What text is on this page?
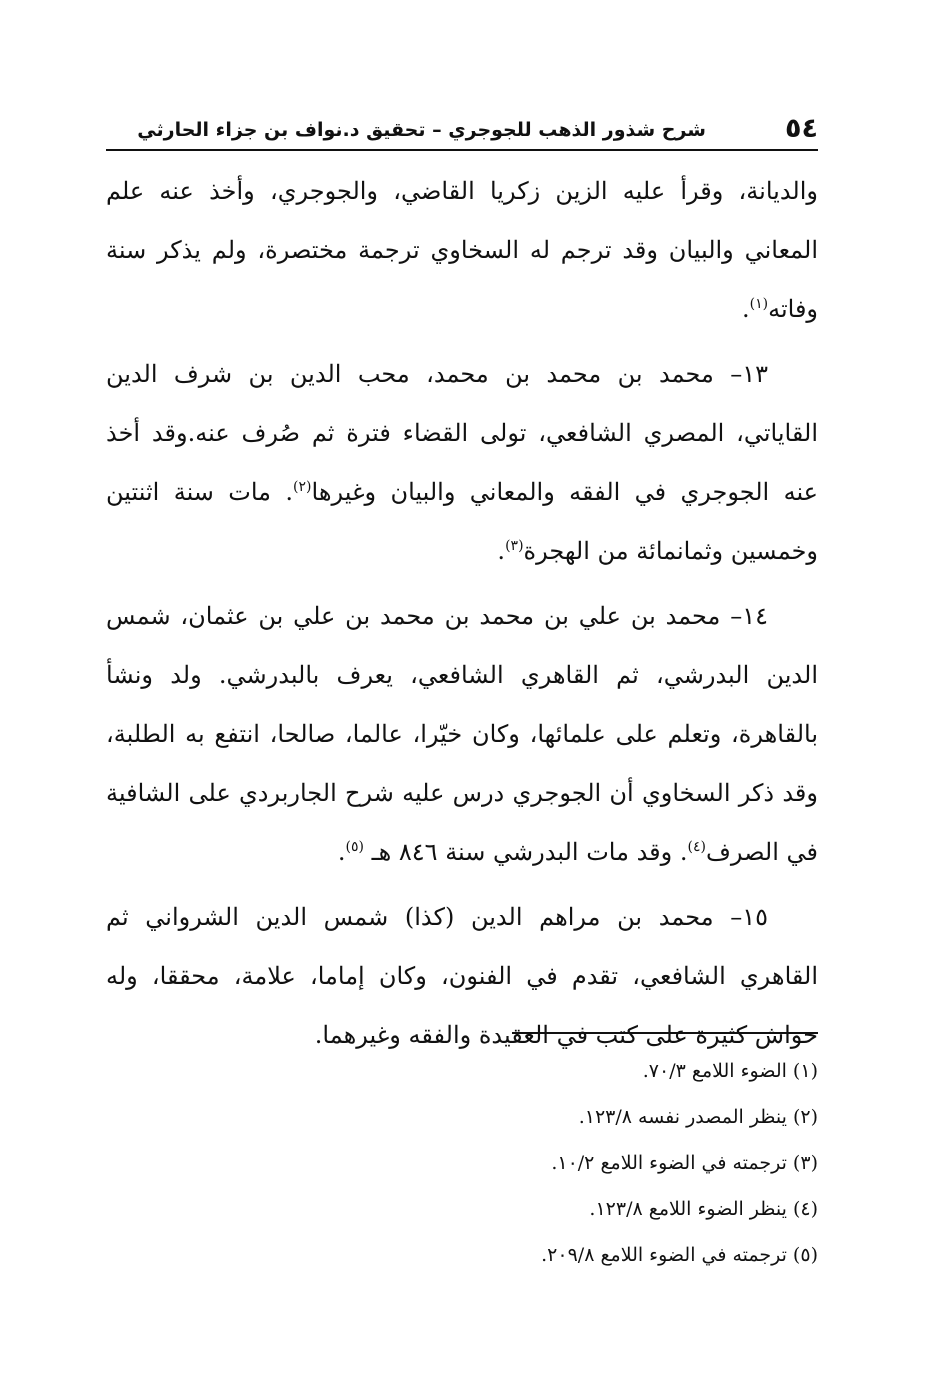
٥٤
شرح شذور الذهب للجوجري – تحقيق د.نواف بن جزاء الحارثي

والديانة، وقرأ عليه الزين زكريا القاضي، والجوجري، وأخذ عنه علم المعاني والبيان وقد ترجم له السخاوي ترجمة مختصرة، ولم يذكر سنة وفاته$^{(١)}$.

١٣– محمد بن محمد بن محمد، محب الدين بن شرف الدين القاياتي، المصري الشافعي، تولى القضاء فترة ثم صُرف عنه.وقد أخذ عنه الجوجري في الفقه والمعاني والبيان وغيرها$^{(٢)}$. مات سنة اثنتين وخمسين وثمانمائة من الهجرة$^{(٣)}$.

١٤– محمد بن علي بن محمد بن محمد بن علي بن عثمان، شمس الدين البدرشي، ثم القاهري الشافعي، يعرف بالبدرشي. ولد ونشأ بالقاهرة، وتعلم على علمائها، وكان خيّرا، عالما، صالحا، انتفع به الطلبة، وقد ذكر السخاوي أن الجوجري درس عليه شرح الجاربردي على الشافية في الصرف$^{(٤)}$. وقد مات البدرشي سنة ٨٤٦ هـ $^{(٥)}$.

١٥– محمد بن مراهم الدين (كذا) شمس الدين الشرواني ثم القاهري الشافعي، تقدم في الفنون، وكان إماما، علامة، محققا، وله حواش كثيرة على كتب في العقيدة والفقه وغيرهما.

(١) الضوء اللامع ٧٠/٣.
(٢) ينظر المصدر نفسه ١٢٣/٨.
(٣) ترجمته في الضوء اللامع ١٠/٢.
(٤) ينظر الضوء اللامع ١٢٣/٨.
(٥) ترجمته في الضوء اللامع ٢٠٩/٨.
